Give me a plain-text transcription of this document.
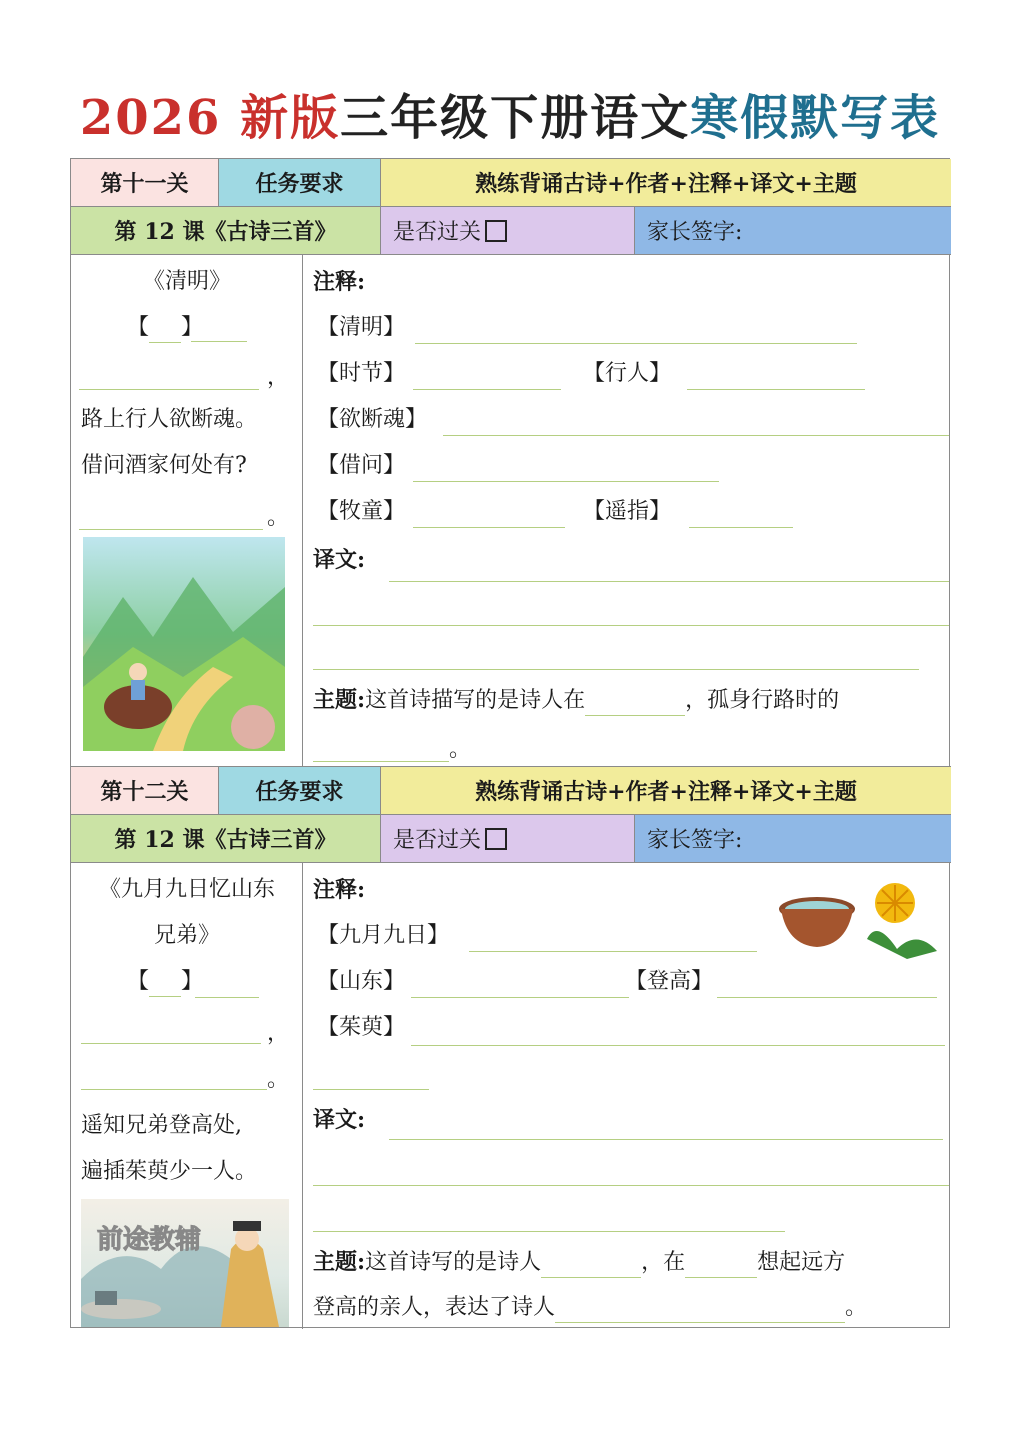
2026 新版三年级下册语文寒假默写表
第十一关	任务要求	熟练背诵古诗+作者+注释+译文+主题
第 12 课《古诗三首》	是否过关	家长签字:
《清明》
【 】
，
路上行人欲断魂。
借问酒家何处有?
。
注释:
【清明】
【时节】	【行人】
【欲断魂】
【借问】
【牧童】	【遥指】
译文:
主题:这首诗描写的是诗人在	，孤身行路时的
。
第十二关	任务要求	熟练背诵古诗+作者+注释+译文+主题
第 12 课《古诗三首》	是否过关	家长签字:
《九月九日忆山东
兄弟》
【 】
，
。
遥知兄弟登高处,
遍插茱萸少一人。
前途教辅
注释:
【九月九日】
【山东】	【登高】
【茱萸】
译文:
主题:这首诗写的是诗人	，在	想起远方
登高的亲人，表达了诗人	。
